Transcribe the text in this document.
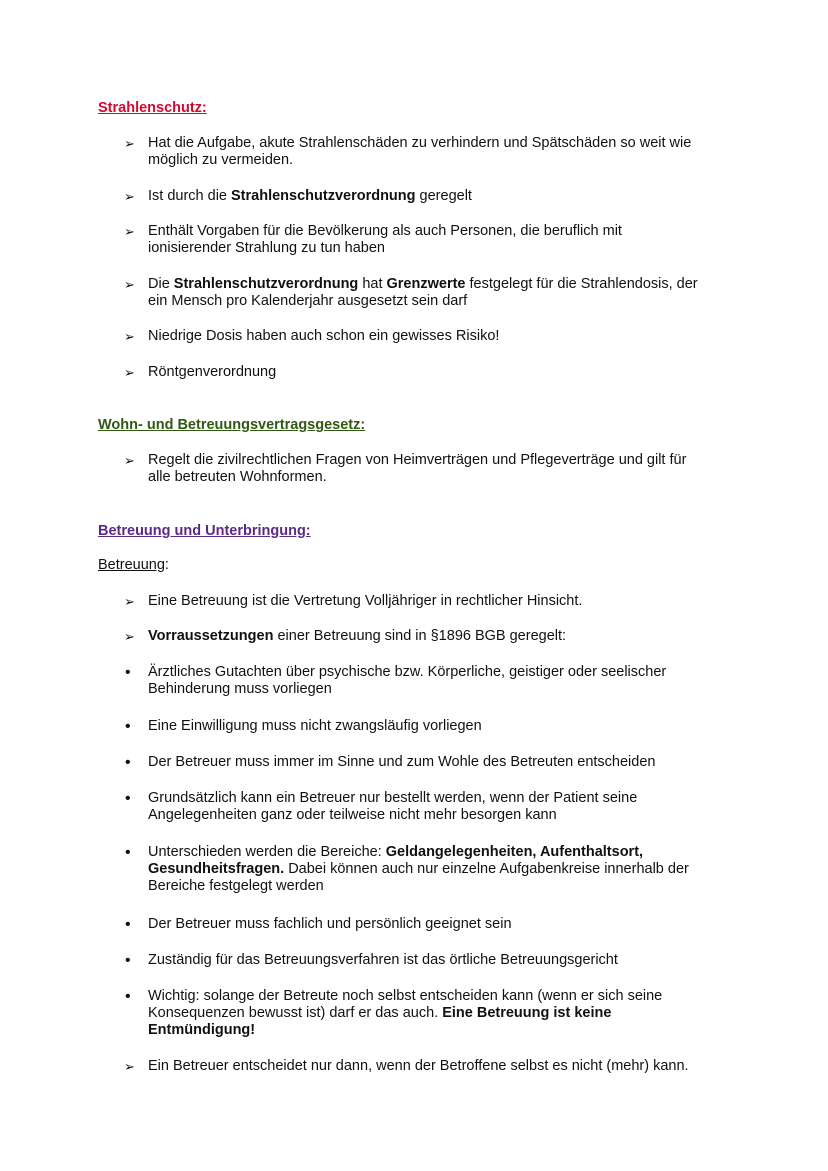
Strahlenschutz:
➢ Hat die Aufgabe, akute Strahlenschäden zu verhindern und Spätschäden so weit wie
möglich zu vermeiden.
➢ Ist durch die Strahlenschutzverordnung geregelt
➢ Enthält Vorgaben für die Bevölkerung als auch Personen, die beruflich mit
ionisierender Strahlung zu tun haben
➢ Die Strahlenschutzverordnung hat Grenzwerte festgelegt für die Strahlendosis, der
ein Mensch pro Kalenderjahr ausgesetzt sein darf
➢ Niedrige Dosis haben auch schon ein gewisses Risiko!
➢ Röntgenverordnung
Wohn- und Betreuungsvertragsgesetz:
➢ Regelt die zivilrechtlichen Fragen von Heimverträgen und Pflegeverträge und gilt für
alle betreuten Wohnformen.
Betreuung und Unterbringung:
Betreuung:
➢ Eine Betreuung ist die Vertretung Volljähriger in rechtlicher Hinsicht.
➢ Vorraussetzungen einer Betreuung sind in §1896 BGB geregelt:
•	Ärztliches Gutachten über psychische bzw. Körperliche, geistiger oder seelischer
Behinderung muss vorliegen
•	Eine Einwilligung muss nicht zwangsläufig vorliegen
•	Der Betreuer muss immer im Sinne und zum Wohle des Betreuten entscheiden
•	Grundsätzlich kann ein Betreuer nur bestellt werden, wenn der Patient seine
Angelegenheiten ganz oder teilweise nicht mehr besorgen kann
•	Unterschieden werden die Bereiche: Geldangelegenheiten, Aufenthaltsort,
Gesundheitsfragen. Dabei können auch nur einzelne Aufgabenkreise innerhalb der
Bereiche festgelegt werden
•	Der Betreuer muss fachlich und persönlich geeignet sein
•	Zuständig für das Betreuungsverfahren ist das örtliche Betreuungsgericht
•	Wichtig: solange der Betreute noch selbst entscheiden kann (wenn er sich seine
Konsequenzen bewusst ist) darf er das auch. Eine Betreuung ist keine
Entmündigung!
➢ Ein Betreuer entscheidet nur dann, wenn der Betroffene selbst es nicht (mehr) kann.
